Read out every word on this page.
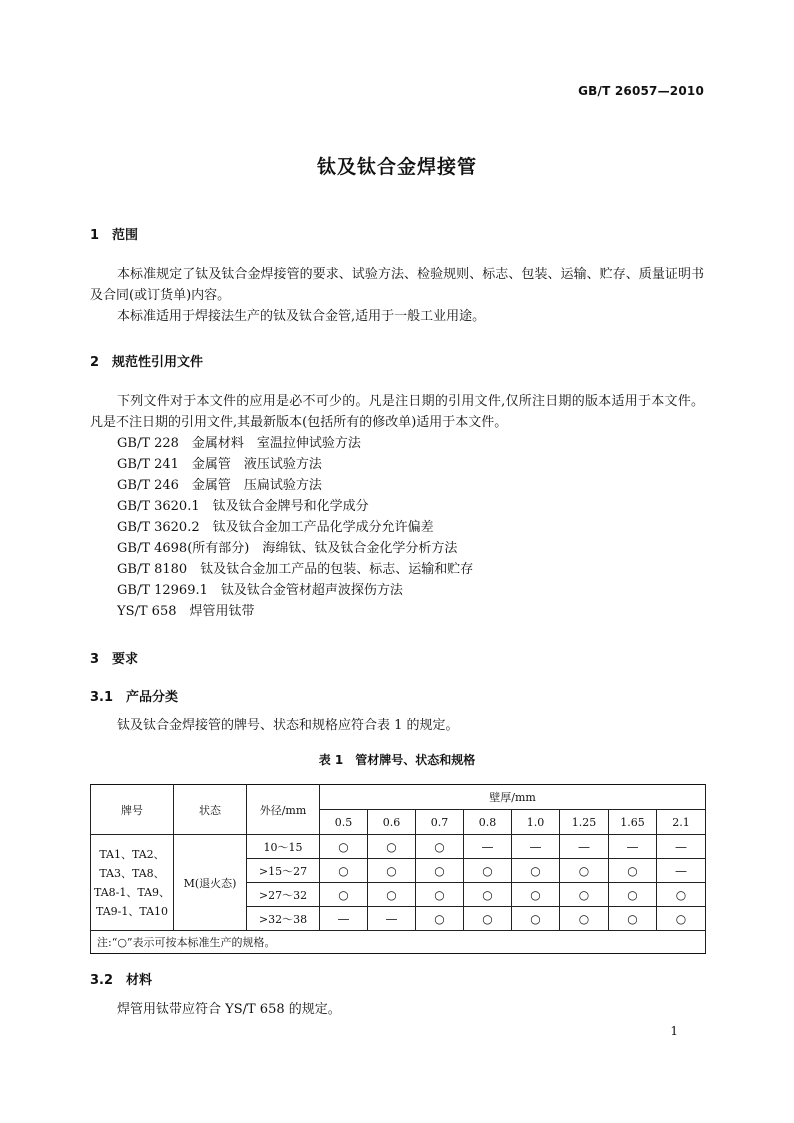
GB/T 26057—2010
钛及钛合金焊接管
1 范围
本标准规定了钛及钛合金焊接管的要求、试验方法、检验规则、标志、包装、运输、贮存、质量证明书及合同(或订货单)内容。
本标准适用于焊接法生产的钛及钛合金管,适用于一般工业用途。
2 规范性引用文件
下列文件对于本文件的应用是必不可少的。凡是注日期的引用文件,仅所注日期的版本适用于本文件。凡是不注日期的引用文件,其最新版本(包括所有的修改单)适用于本文件。
GB/T 228　金属材料　室温拉伸试验方法
GB/T 241　金属管　液压试验方法
GB/T 246　金属管　压扁试验方法
GB/T 3620.1　钛及钛合金牌号和化学成分
GB/T 3620.2　钛及钛合金加工产品化学成分允许偏差
GB/T 4698(所有部分)　海绵钛、钛及钛合金化学分析方法
GB/T 8180　钛及钛合金加工产品的包装、标志、运输和贮存
GB/T 12969.1　钛及钛合金管材超声波探伤方法
YS/T 658　焊管用钛带
3 要求
3.1 产品分类
钛及钛合金焊接管的牌号、状态和规格应符合表 1 的规定。
表 1　管材牌号、状态和规格
牌号	状态	外径/mm	壁厚/mm							
			0.5	0.6	0.7	0.8	1.0	1.25	1.65	2.1

TA1、TA2、
TA3、TA8、
TA8-1、TA9、
TA9-1、TA10	M(退火态)	10～15	○	○	○	—	—	—	—	—
		>15～27	○	○	○	○	○	○	○	—
		>27～32	○	○	○	○	○	○	○	○
		>32～38	—	—	○	○	○	○	○	○
注:“○”表示可按本标准生产的规格。										
3.2 材料
焊管用钛带应符合 YS/T 658 的规定。
1
